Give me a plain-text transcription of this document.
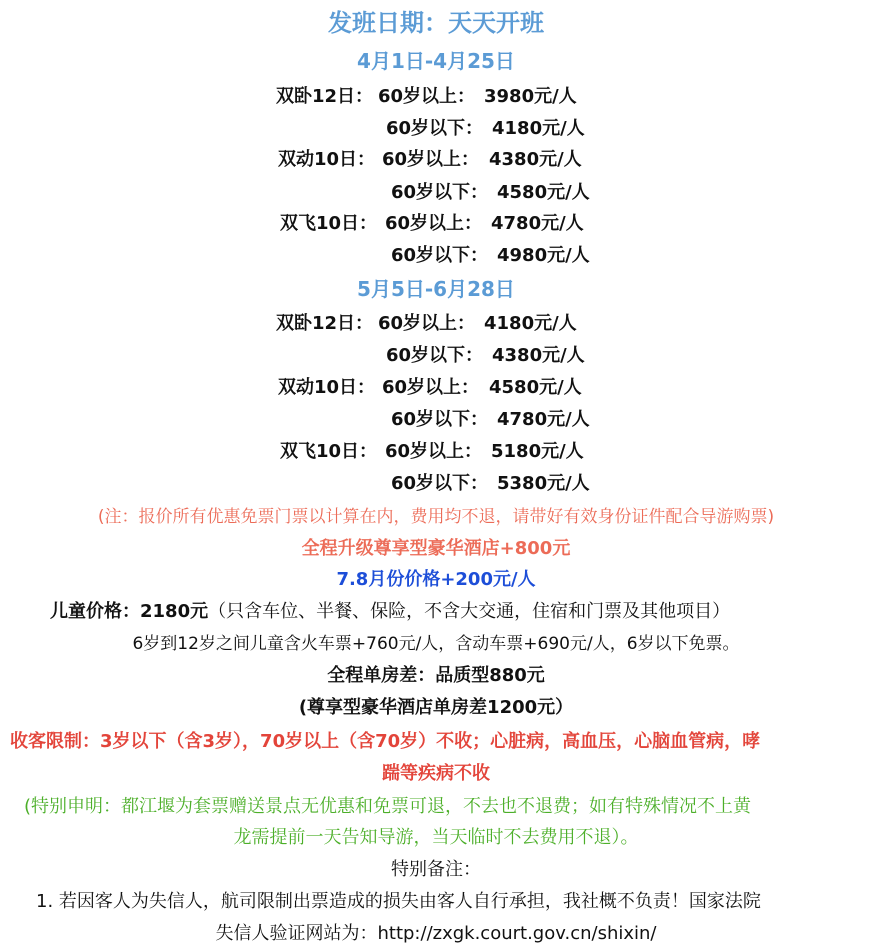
发班日期：天天开班
4月1日-4月25日
双卧12日： 60岁以上： 3980元/人
60岁以下： 4180元/人
双动10日： 60岁以上： 4380元/人
60岁以下： 4580元/人
双飞10日： 60岁以上： 4780元/人
60岁以下： 4980元/人
5月5日-6月28日
双卧12日： 60岁以上： 4180元/人
60岁以下： 4380元/人
双动10日： 60岁以上： 4580元/人
60岁以下： 4780元/人
双飞10日： 60岁以上： 5180元/人
60岁以下： 5380元/人
(注：报价所有优惠免票门票以计算在内，费用均不退，请带好有效身份证件配合导游购票)
全程升级尊享型豪华酒店+800元
7.8月份价格+200元/人
儿童价格：2180元（只含车位、半餐、保险，不含大交通，住宿和门票及其他项目）
6岁到12岁之间儿童含火车票+760元/人，含动车票+690元/人，6岁以下免票。
全程单房差：品质型880元
(尊享型豪华酒店单房差1200元）
收客限制：3岁以下（含3岁），70岁以上（含70岁）不收；心脏病，高血压，心脑血管病，哮
踹等疾病不收
(特别申明：都江堰为套票赠送景点无优惠和免票可退，不去也不退费；如有特殊情况不上黄
龙需提前一天告知导游，当天临时不去费用不退）。
特别备注：
1. 若因客人为失信人，航司限制出票造成的损失由客人自行承担，我社概不负责！国家法院
失信人验证网站为：http://zxgk.court.gov.cn/shixin/
